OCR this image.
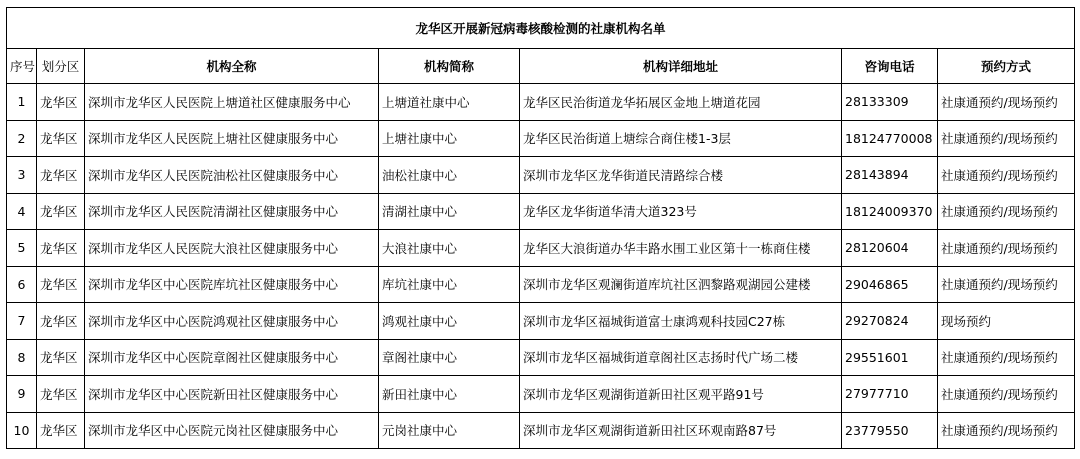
龙华区开展新冠病毒核酸检测的社康机构名单						
序号	划分区	机构全称	机构简称	机构详细地址	咨询电话	预约方式
1	龙华区	深圳市龙华区人民医院上塘道社区健康服务中心	上塘道社康中心	龙华区民治街道龙华拓展区金地上塘道花园	28133309	社康通预约/现场预约
2	龙华区	深圳市龙华区人民医院上塘社区健康服务中心	上塘社康中心	龙华区民治街道上塘综合商住楼1-3层	18124770008	社康通预约/现场预约
3	龙华区	深圳市龙华区人民医院油松社区健康服务中心	油松社康中心	深圳市龙华区龙华街道民清路综合楼	28143894	社康通预约/现场预约
4	龙华区	深圳市龙华区人民医院清湖社区健康服务中心	清湖社康中心	龙华区龙华街道华清大道323号	18124009370	社康通预约/现场预约
5	龙华区	深圳市龙华区人民医院大浪社区健康服务中心	大浪社康中心	龙华区大浪街道办华丰路水围工业区第十一栋商住楼	28120604	社康通预约/现场预约
6	龙华区	深圳市龙华区中心医院库坑社区健康服务中心	库坑社康中心	深圳市龙华区观澜街道库坑社区泗黎路观湖园公建楼	29046865	社康通预约/现场预约
7	龙华区	深圳市龙华区中心医院鸿观社区健康服务中心	鸿观社康中心	深圳市龙华区福城街道富士康鸿观科技园C27栋	29270824	现场预约
8	龙华区	深圳市龙华区中心医院章阁社区健康服务中心	章阁社康中心	深圳市龙华区福城街道章阁社区志扬时代广场二楼	29551601	社康通预约/现场预约
9	龙华区	深圳市龙华区中心医院新田社区健康服务中心	新田社康中心	深圳市龙华区观湖街道新田社区观平路91号	27977710	社康通预约/现场预约
10	龙华区	深圳市龙华区中心医院元岗社区健康服务中心	元岗社康中心	深圳市龙华区观湖街道新田社区环观南路87号	23779550	社康通预约/现场预约
